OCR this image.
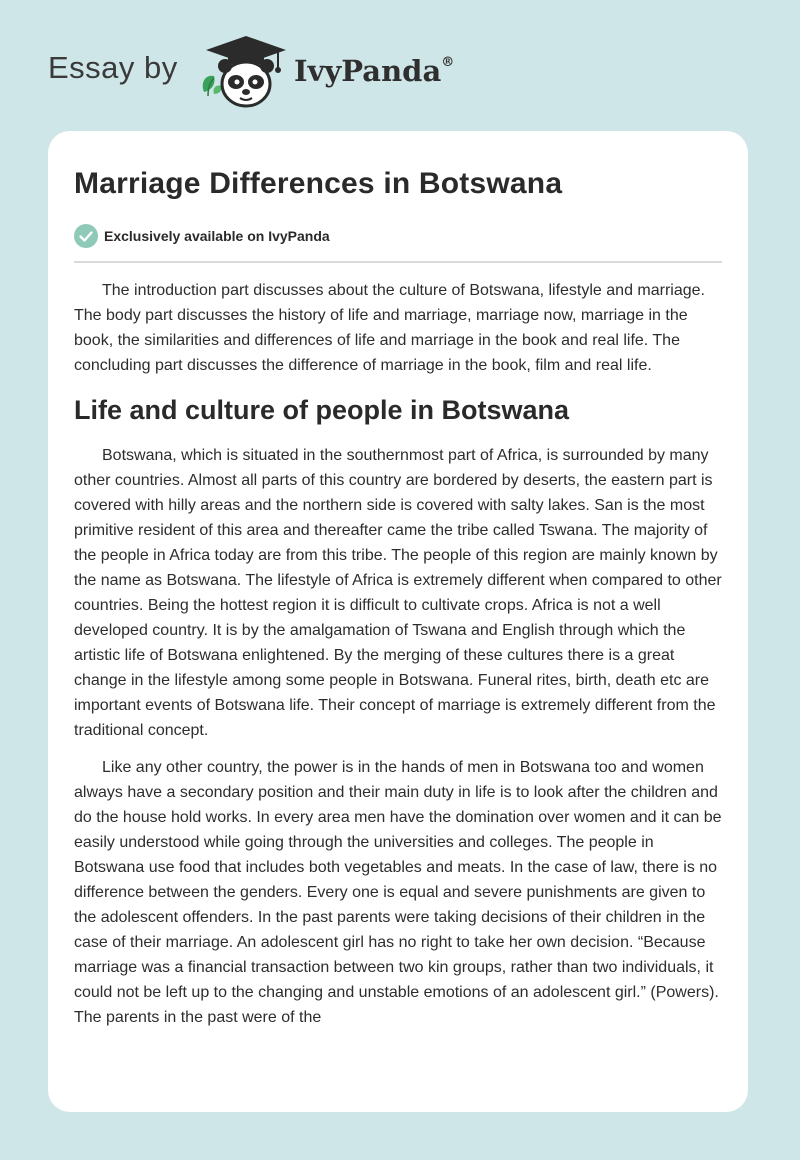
Essay by	IvyPanda®
Marriage Differences in Botswana
Exclusively available on IvyPanda

The introduction part discusses about the culture of Botswana, lifestyle and marriage. The body part discusses the history of life and marriage, marriage now, marriage in the book, the similarities and differences of life and marriage in the book and real life. The concluding part discusses the difference of marriage in the book, film and real life.

Life and culture of people in Botswana

Botswana, which is situated in the southernmost part of Africa, is surrounded by many other countries. Almost all parts of this country are bordered by deserts, the eastern part is covered with hilly areas and the northern side is covered with salty lakes. San is the most primitive resident of this area and thereafter came the tribe called Tswana. The majority of the people in Africa today are from this tribe. The people of this region are mainly known by the name as Botswana. The lifestyle of Africa is extremely different when compared to other countries. Being the hottest region it is difficult to cultivate crops. Africa is not a well developed country. It is by the amalgamation of Tswana and English through which the artistic life of Botswana enlightened. By the merging of these cultures there is a great change in the lifestyle among some people in Botswana. Funeral rites, birth, death etc are important events of Botswana life. Their concept of marriage is extremely different from the traditional concept.

Like any other country, the power is in the hands of men in Botswana too and women always have a secondary position and their main duty in life is to look after the children and do the house hold works. In every area men have the domination over women and it can be easily understood while going through the universities and colleges. The people in Botswana use food that includes both vegetables and meats. In the case of law, there is no difference between the genders. Every one is equal and severe punishments are given to the adolescent offenders. In the past parents were taking decisions of their children in the case of their marriage. An adolescent girl has no right to take her own decision. “Because marriage was a financial transaction between two kin groups, rather than two individuals, it could not be left up to the changing and unstable emotions of an adolescent girl.” (Powers). The parents in the past were of the
